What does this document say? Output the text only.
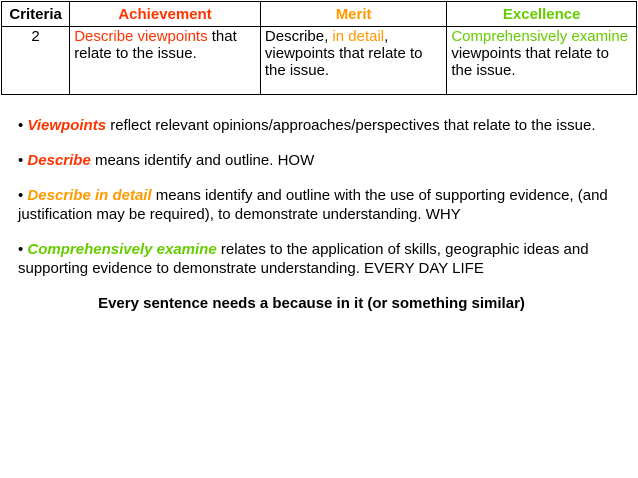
Criteria	Achievement	Merit	Excellence
2	Describe viewpoints that relate to the issue.	Describe, in detail, viewpoints that relate to the issue.	Comprehensively examine viewpoints that relate to the issue.

• Viewpoints reflect relevant opinions/approaches/perspectives that relate to the issue.

• Describe means identify and outline. HOW

• Describe in detail means identify and outline with the use of supporting evidence, (and justification may be required), to demonstrate understanding. WHY

• Comprehensively examine relates to the application of skills, geographic ideas and supporting evidence to demonstrate understanding. EVERY DAY LIFE

Every sentence needs a because in it (or something similar)
